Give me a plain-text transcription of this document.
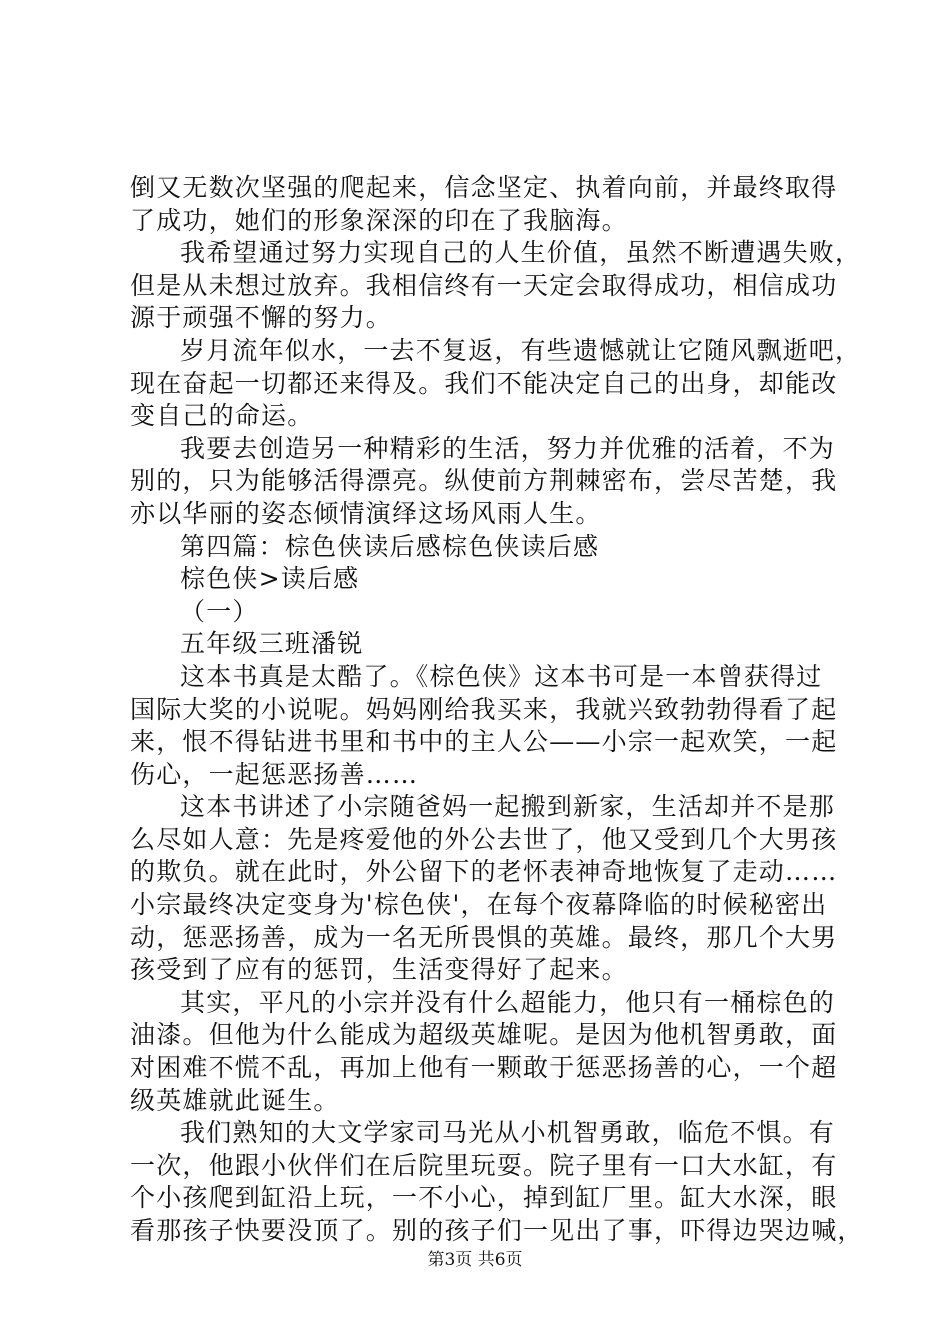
倒又无数次坚强的爬起来，信念坚定、执着向前，并最终取得
了成功，她们的形象深深的印在了我脑海。
我希望通过努力实现自己的人生价值，虽然不断遭遇失败，
但是从未想过放弃。我相信终有一天定会取得成功，相信成功
源于顽强不懈的努力。
岁月流年似水，一去不复返，有些遗憾就让它随风飘逝吧，
现在奋起一切都还来得及。我们不能决定自己的出身，却能改
变自己的命运。
我要去创造另一种精彩的生活，努力并优雅的活着，不为
别的，只为能够活得漂亮。纵使前方荆棘密布，尝尽苦楚，我
亦以华丽的姿态倾情演绎这场风雨人生。
第四篇：棕色侠读后感棕色侠读后感
棕色侠>读后感
（一）
五年级三班潘锐
这本书真是太酷了。《棕色侠》这本书可是一本曾获得过
国际大奖的小说呢。妈妈刚给我买来，我就兴致勃勃得看了起
来，恨不得钻进书里和书中的主人公——小宗一起欢笑，一起
伤心，一起惩恶扬善……
这本书讲述了小宗随爸妈一起搬到新家，生活却并不是那
么尽如人意：先是疼爱他的外公去世了，他又受到几个大男孩
的欺负。就在此时，外公留下的老怀表神奇地恢复了走动……
小宗最终决定变身为'棕色侠'，在每个夜幕降临的时候秘密出
动，惩恶扬善，成为一名无所畏惧的英雄。最终，那几个大男
孩受到了应有的惩罚，生活变得好了起来。
其实，平凡的小宗并没有什么超能力，他只有一桶棕色的
油漆。但他为什么能成为超级英雄呢。是因为他机智勇敢，面
对困难不慌不乱，再加上他有一颗敢于惩恶扬善的心，一个超
级英雄就此诞生。
我们熟知的大文学家司马光从小机智勇敢，临危不惧。有
一次，他跟小伙伴们在后院里玩耍。院子里有一口大水缸，有
个小孩爬到缸沿上玩，一不小心，掉到缸厂里。缸大水深，眼
看那孩子快要没顶了。别的孩子们一见出了事，吓得边哭边喊，
第3页 共6页
